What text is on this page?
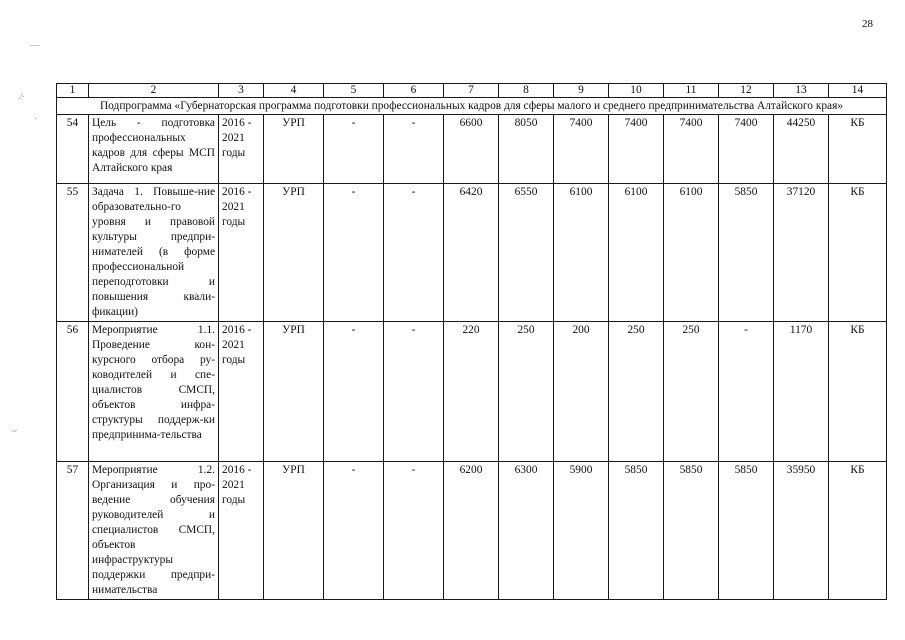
28
—
⁄·
·
ᴗ
1	2	3	4	5	6	7	8	9	10	11	12	13	14
Подпрограмма «Губернаторская программа подготовки профессиональных кадров для сферы малого и среднего предпринимательства Алтайского края»													
54	Цель - подготовка профессиональных кадров для сферы МСП Алтайского края	2016 - 2021 годы	УРП	-	-	6600	8050	7400	7400	7400	7400	44250	КБ
55	Задача 1. Повыше-ние образовательно-го уровня и правовой культуры предпри-нимателей (в форме профессиональной переподготовки и повышения квали-фикации)	2016 - 2021 годы	УРП	-	-	6420	6550	6100	6100	6100	5850	37120	КБ
56	Мероприятие 1.1. Проведение кон-курсного отбора ру-ководителей и спе-циалистов СМСП, объектов инфра-структуры поддерж-ки предпринима-тельства	2016 - 2021 годы	УРП	-	-	220	250	200	250	250	-	1170	КБ
57	Мероприятие 1.2. Организация и про-ведение обучения руководителей и специалистов СМСП, объектов инфраструктуры поддержки предпри-нимательства	2016 - 2021 годы	УРП	-	-	6200	6300	5900	5850	5850	5850	35950	КБ
